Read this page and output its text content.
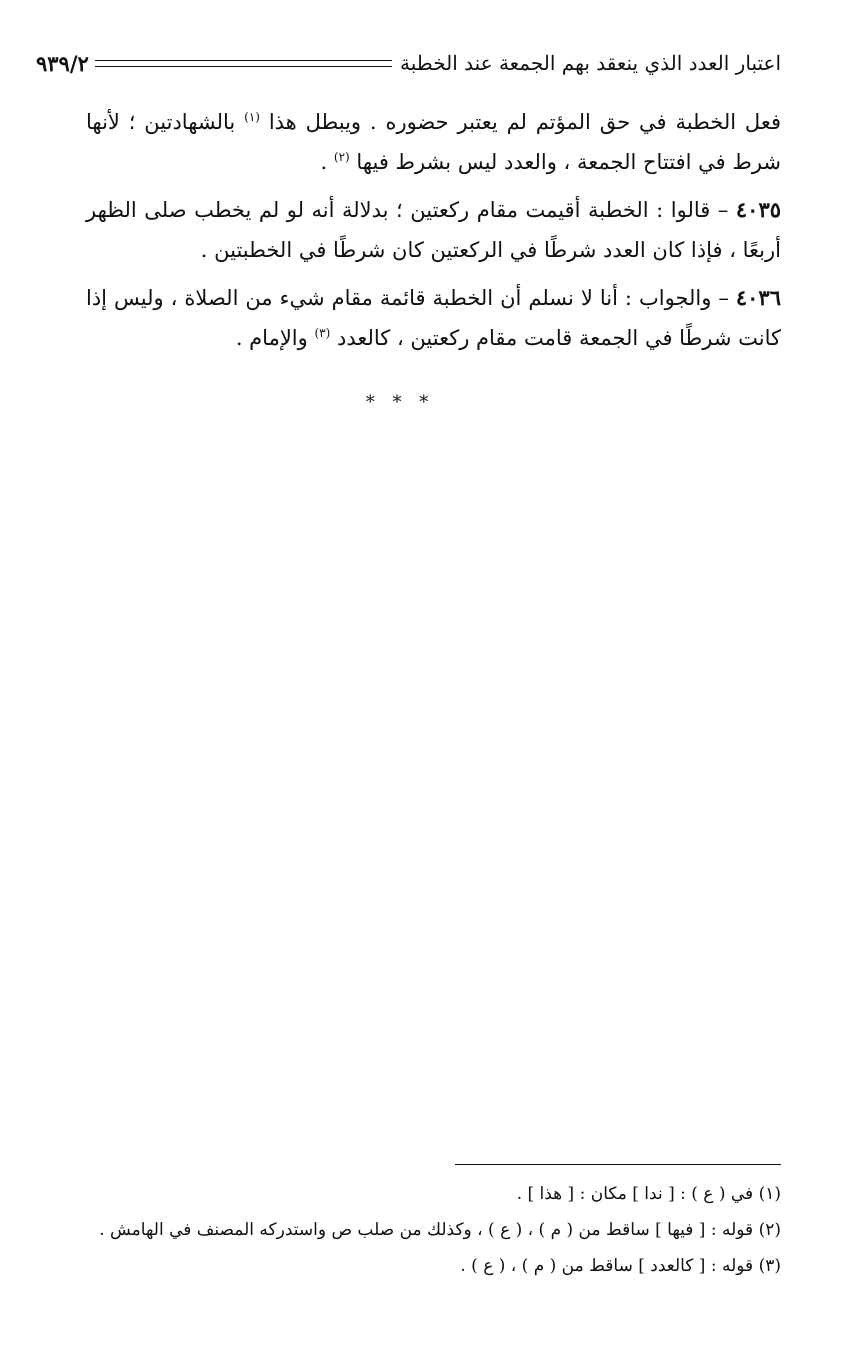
اعتبار العدد الذي ينعقد بهم الجمعة عند الخطبة
٩٣٩/٢

فعل الخطبة في حق المؤتم لم يعتبر حضوره . ويبطل هذا $^{(١)}$ بالشهادتين ؛ لأنها شرط في افتتاح الجمعة ، والعدد ليس بشرط فيها $^{(٢)}$ .

٤٠٣٥ – قالوا : الخطبة أقيمت مقام ركعتين ؛ بدلالة أنه لو لم يخطب صلى الظهر أربعًا ، فإذا كان العدد شرطًا في الركعتين كان شرطًا في الخطبتين .

٤٠٣٦ – والجواب : أنا لا نسلم أن الخطبة قائمة مقام شيء من الصلاة ، وليس إذا كانت شرطًا في الجمعة قامت مقام ركعتين ، كالعدد $^{(٣)}$ والإمام .

* * *
(١) في ( ع ) : [ ندا ] مكان : [ هذا ] .
(٢) قوله : [ فيها ] ساقط من ( م ) ، ( ع ) ، وكذلك من صلب ص واستدركه المصنف في الهامش .
(٣) قوله : [ كالعدد ] ساقط من ( م ) ، ( ع ) .
